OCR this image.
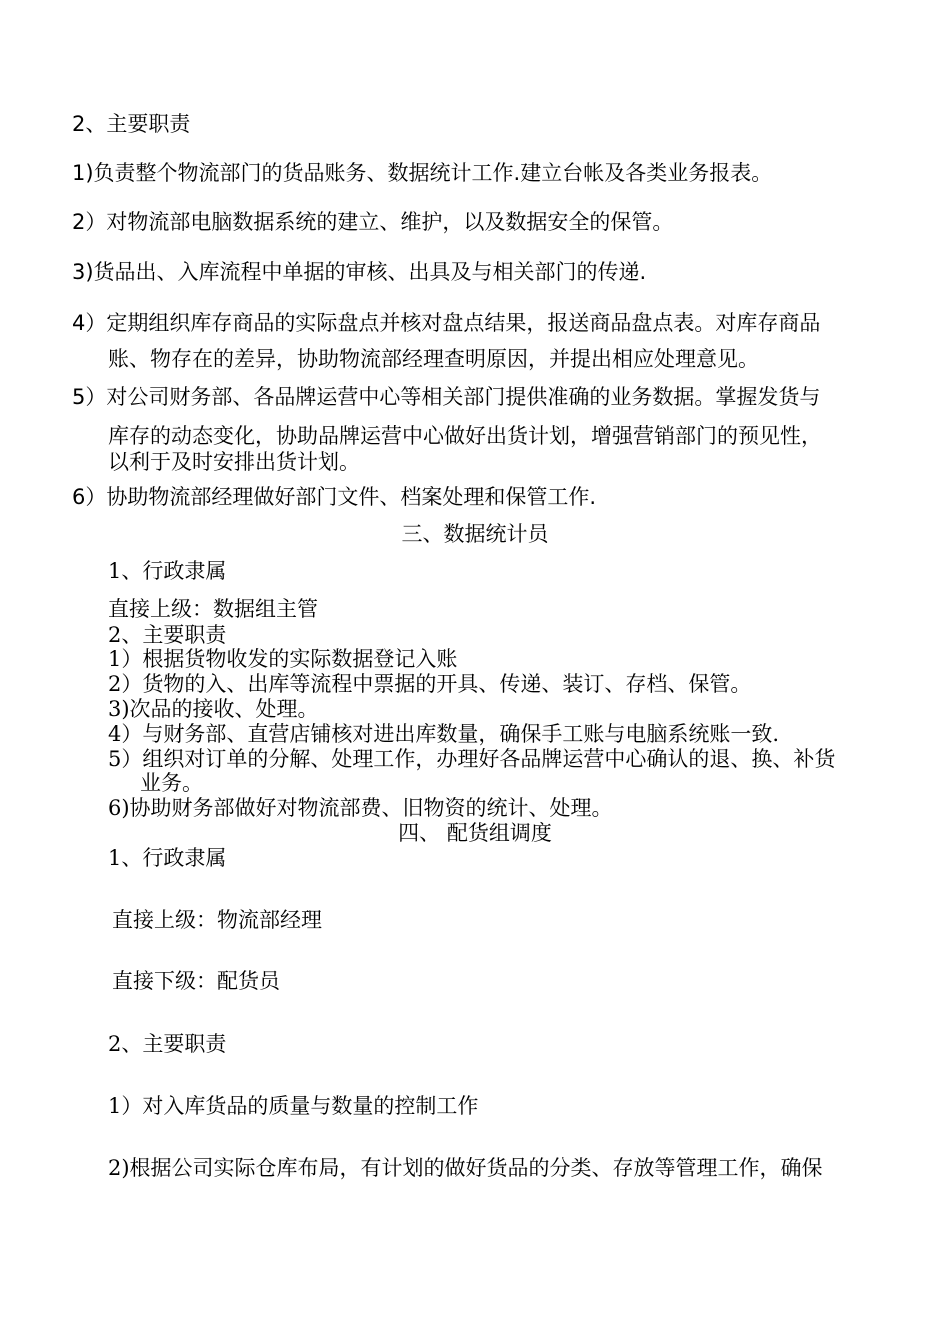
2、主要职责
1)负责整个物流部门的货品账务、数据统计工作.建立台帐及各类业务报表。
2）对物流部电脑数据系统的建立、维护，以及数据安全的保管。
3)货品出、入库流程中单据的审核、出具及与相关部门的传递.
4）定期组织库存商品的实际盘点并核对盘点结果，报送商品盘点表。对库存商品
账、物存在的差异，协助物流部经理查明原因，并提出相应处理意见。
5）对公司财务部、各品牌运营中心等相关部门提供准确的业务数据。掌握发货与
库存的动态变化，协助品牌运营中心做好出货计划，增强营销部门的预见性，
以利于及时安排出货计划。
6）协助物流部经理做好部门文件、档案处理和保管工作.
三、数据统计员
1、行政隶属
直接上级：数据组主管
2、主要职责
1）根据货物收发的实际数据登记入账
2）货物的入、出库等流程中票据的开具、传递、装订、存档、保管。
3)次品的接收、处理。
4）与财务部、直营店铺核对进出库数量，确保手工账与电脑系统账一致.
5）组织对订单的分解、处理工作，办理好各品牌运营中心确认的退、换、补货
业务。
6)协助财务部做好对物流部费、旧物资的统计、处理。
四、 配货组调度
1、行政隶属
直接上级：物流部经理
直接下级：配货员
2、主要职责
1）对入库货品的质量与数量的控制工作
2)根据公司实际仓库布局，有计划的做好货品的分类、存放等管理工作，确保
